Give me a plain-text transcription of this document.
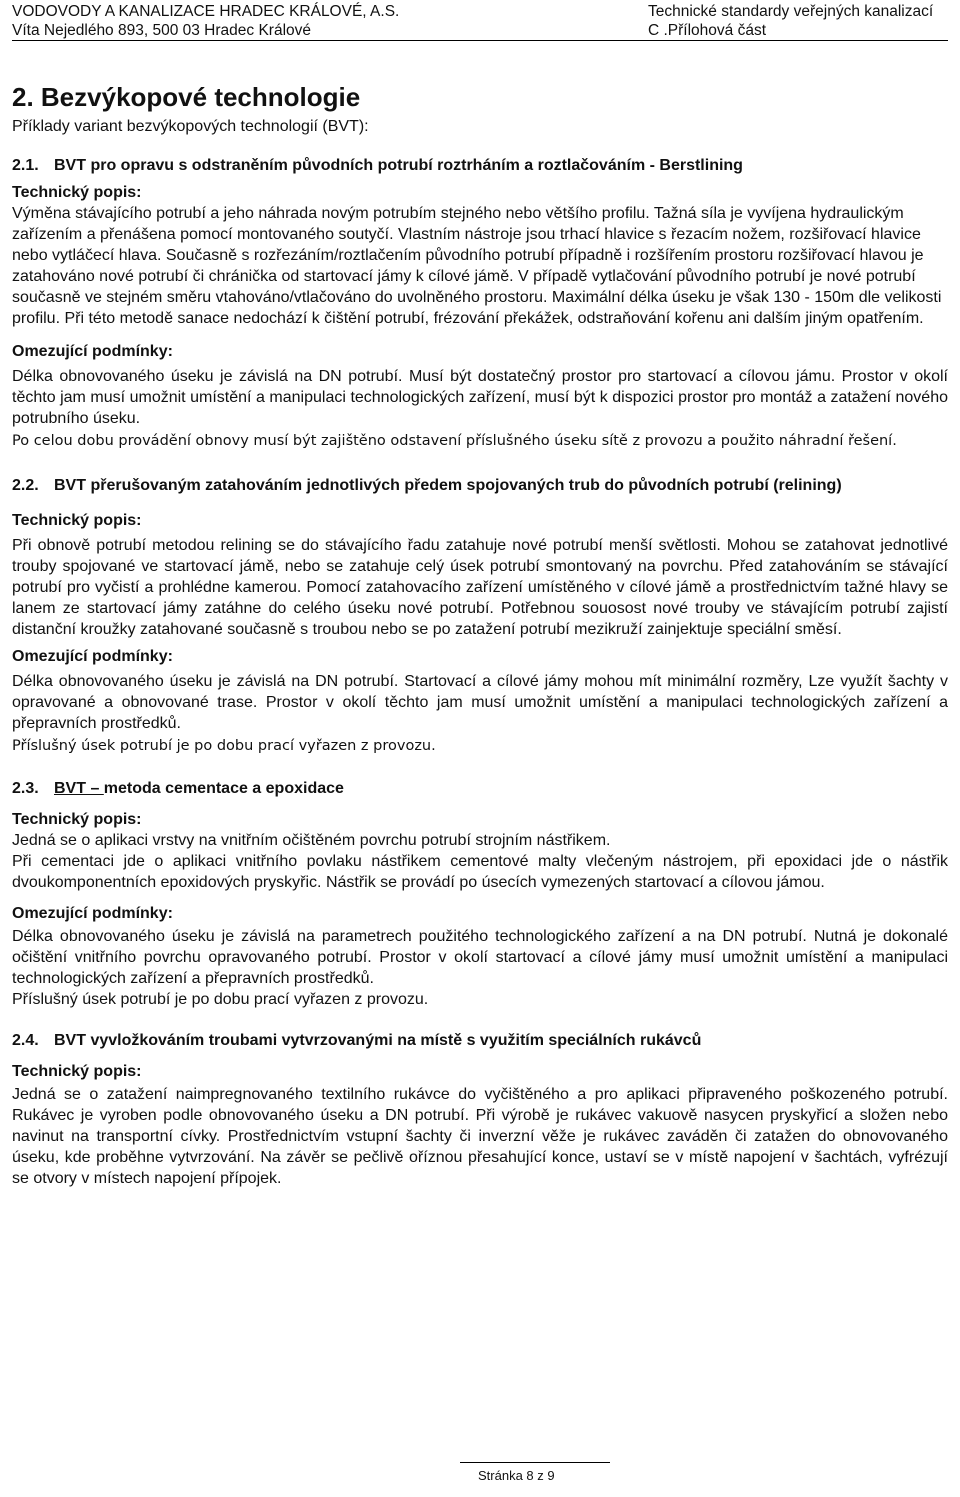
VODOVODY A KANALIZACE HRADEC KRÁLOVÉ, A.S.	Technické standardy veřejných kanalizací
Víta Nejedlého 893, 500 03 Hradec Králové	C .Přílohová část
2. Bezvýkopové technologie

Příklady variant bezvýkopových technologií (BVT):

2.1. BVT pro opravu s odstraněním původních potrubí roztrháním a roztlačováním - Berstlining
Technický popis:

Výměna stávajícího potrubí a jeho náhrada novým potrubím stejného nebo většího profilu. Tažná síla je vyvíjena hydraulickým zařízením a přenášena pomocí montovaného soutyčí. Vlastním nástroje jsou trhací hlavice s řezacím nožem, rozšiřovací hlavice nebo vytláčecí hlava. Současně s rozřezáním/roztlačením původního potrubí případně i rozšířením prostoru rozšiřovací hlavou je zatahováno nové potrubí či chránička od startovací jámy k cílové jámě. V případě vytlačování původního potrubí je nové potrubí současně ve stejném směru vtahováno/vtlačováno do uvolněného prostoru. Maximální délka úseku je však 130 - 150m dle velikosti profilu. Při této metodě sanace nedochází k čištění potrubí, frézování překážek, odstraňování kořenu ani dalším jiným opatřením.

Omezující podmínky:

Délka obnovovaného úseku je závislá na DN potrubí. Musí být dostatečný prostor pro startovací a cílovou jámu. Prostor v okolí těchto jam musí umožnit umístění a manipulaci technologických zařízení, musí být k dispozici prostor pro montáž a zatažení nového potrubního úseku.

Po celou dobu provádění obnovy musí být zajištěno odstavení příslušného úseku sítě z provozu a použito náhradní řešení.

2.2. BVT přerušovaným zatahováním jednotlivých předem spojovaných trub do původních potrubí (relining)
Technický popis:

Při obnově potrubí metodou relining se do stávajícího řadu zatahuje nové potrubí menší světlosti. Mohou se zatahovat jednotlivé trouby spojované ve startovací jámě, nebo se zatahuje celý úsek potrubí smontovaný na povrchu. Před zatahováním se stávající potrubí pro vyčistí a prohlédne kamerou. Pomocí zatahovacího zařízení umístěného v cílové jámě a prostřednictvím tažné hlavy se lanem ze startovací jámy zatáhne do celého úseku nové potrubí. Potřebnou souosost nové trouby ve stávajícím potrubí zajistí distanční kroužky zatahované současně s troubou nebo se po zatažení potrubí mezikruží zainjektuje speciální směsí.

Omezující podmínky:

Délka obnovovaného úseku je závislá na DN potrubí. Startovací a cílové jámy mohou mít minimální rozměry, Lze využít šachty v opravované a obnovované trase. Prostor v okolí těchto jam musí umožnit umístění a manipulaci technologických zařízení a přepravních prostředků.

Příslušný úsek potrubí je po dobu prací vyřazen z provozu.

2.3. BVT – metoda cementace a epoxidace
Technický popis:

Jedná se o aplikaci vrstvy na vnitřním očištěném povrchu potrubí strojním nástřikem.

Při cementaci jde o aplikaci vnitřního povlaku nástřikem cementové malty vlečeným nástrojem, při epoxidaci jde o nástřik dvoukomponentních epoxidových pryskyřic. Nástřik se provádí po úsecích vymezených startovací a cílovou jámou.

Omezující podmínky:

Délka obnovovaného úseku je závislá na parametrech použitého technologického zařízení a na DN potrubí. Nutná je dokonalé očištění vnitřního povrchu opravovaného potrubí. Prostor v okolí startovací a cílové jámy musí umožnit umístění a manipulaci technologických zařízení a přepravních prostředků.

Příslušný úsek potrubí je po dobu prací vyřazen z provozu.

2.4. BVT vyvložkováním troubami vytvrzovanými na místě s využitím speciálních rukávců
Technický popis:

Jedná se o zatažení naimpregnovaného textilního rukávce do vyčištěného a pro aplikaci připraveného poškozeného potrubí. Rukávec je vyroben podle obnovovaného úseku a DN potrubí. Při výrobě je rukávec vakuově nasycen pryskyřicí a složen nebo navinut na transportní cívky. Prostřednictvím vstupní šachty či inverzní věže je rukávec zaváděn či zatažen do obnovovaného úseku, kde proběhne vytvrzování. Na závěr se pečlivě oříznou přesahující konce, ustaví se v místě napojení v šachtách, vyfrézují se otvory v místech napojení přípojek.

Stránka 8 z 9
